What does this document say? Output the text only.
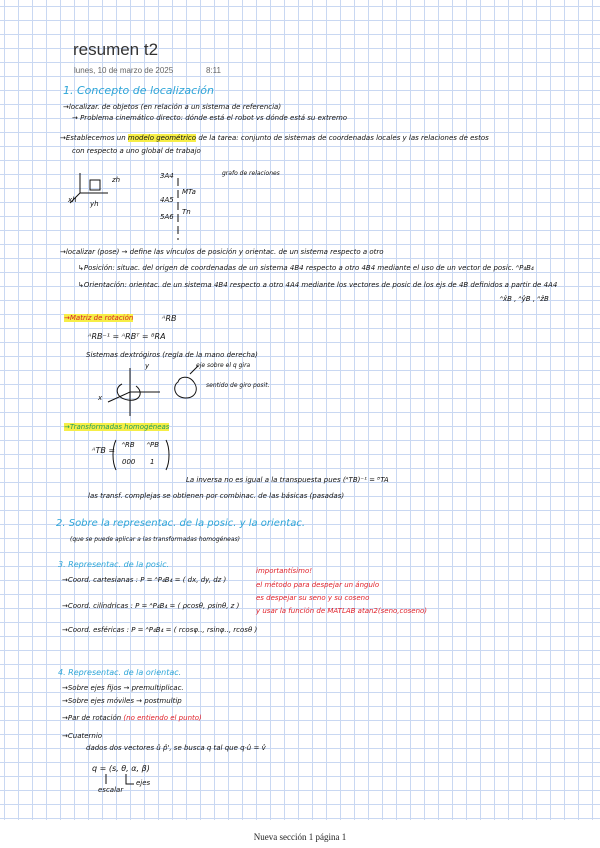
resumen t2
lunes, 10 de marzo de 2025	8:11
1. Concepto de localización
→localizar. de objetos (en relación a un sistema de referencia)
→ Problema cinemático directo: dónde está el robot vs dónde está su extremo
→Establecemos un modelo geométrico de la tarea: conjunto de sistemas de coordenadas locales y las relaciones de estos
con respecto a uno global de trabajo
zh
xh yh
3A4
4A5
5A6
MTa
Tn
grafo de relaciones
→localizar (pose) → define las vínculos de posición y orientac. de un sistema respecto a otro
↳Posición: situac. del origen de coordenadas de un sistema 4B4 respecto a otro 4B4 mediante el uso de un vector de posic. ᴬP₄B₄
↳Orientación: orientac. de un sistema 4B4 respecto a otro 4A4 mediante los vectores de posic de los ejs de 4B definidos a partir de 4A4
ᴬx̂B , ᴬŷB , ᴬẑB
→Matriz de rotación	ᴬRB
ᴬRB⁻¹ = ᴬRBᵀ = ᴮRA
Sistemas dextrógiros (regla de la mano derecha)
x
y	eje sobre el q gira
sentido de giro posit.
→Transformadas homogéneas
ᴬTB =
ᴬRB ᴬPB
000 1
La inversa no es igual a la transpuesta pues (ᴬTB)⁻¹ = ᴮTA
las transf. complejas se obtienen por combinac. de las básicas (pasadas)
2. Sobre la representac. de la posic. y la orientac.
(que se puede aplicar a las transformadas homogéneas)
3. Representac. de la posic.
→Coord. cartesianas : P = ᴬP₄B₄ = ( dx, dy, dz )
→Coord. cilíndricas : P = ᴬP₄B₄ = ( ρcosθ, ρsinθ, z )
→Coord. esféricas : P = ᴬP₄B₄ = ( rcosφ.., rsinφ.., rcosθ )
importantísimo!
el método para despejar un ángulo
es despejar su seno y su coseno
y usar la función de MATLAB atan2(seno,coseno)
4. Representac. de la orientac.
→Sobre ejes fijos → premultiplicac.
→Sobre ejes móviles → postmultip
→Par de rotación (no entiendo el punto)
→Cuaternio
dados dos vectores û p̂', se busca q tal que q·û = v̂
q = (s, θ, α, β)
escalar
ejes
Nueva sección 1 página 1
